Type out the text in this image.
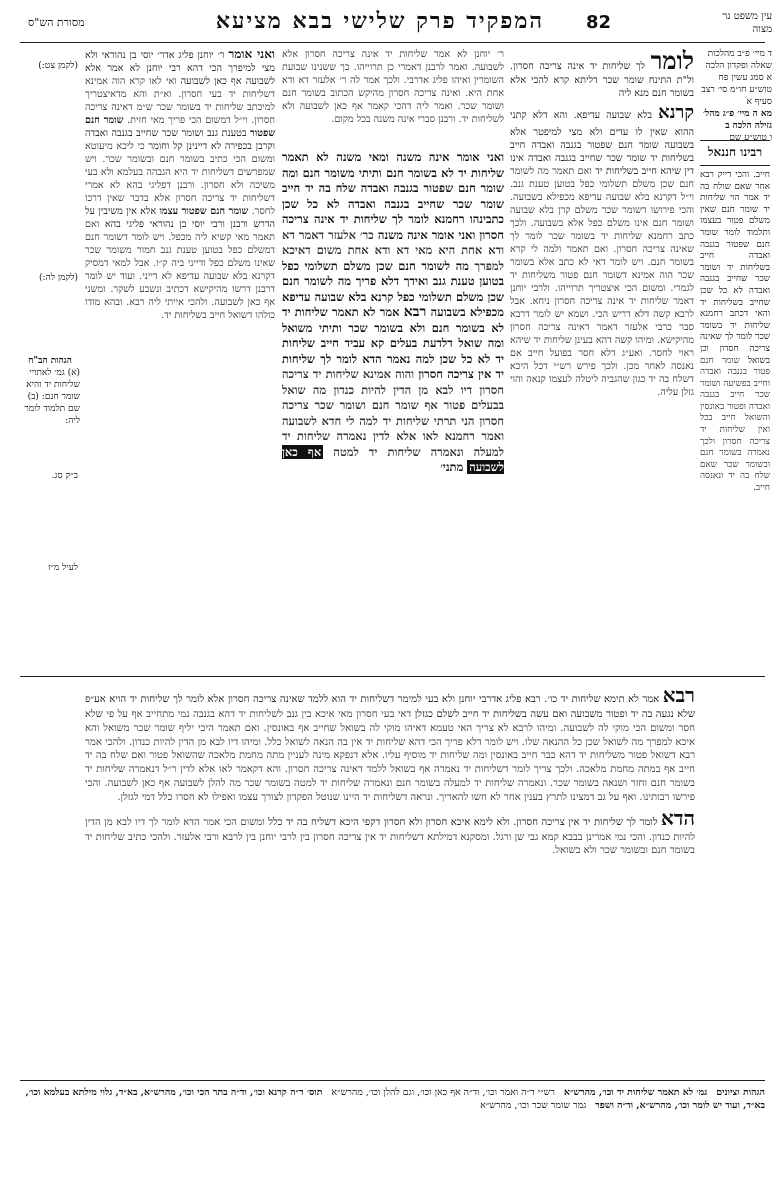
מסורת הש"ס	המפקיד פרק שלישי בבא מציעא	82	עין משפט נר מצוה
ד מיי׳ פ״ב מהלכות שאלה ופקדון הלכה א סמג עשין פח טוש״ע חו״מ סי׳ רצב סעיף א
מא ה מיי׳ פ״ג מהל׳ גזילה הלכה ב
ו טוש״ע שם
רבינו חננאל
חייב. והכי דייק רבא אחר שאם שולח בה יד אמר הוי שליחות יד שומר חנם שאין משלם פטור בעצמו ותלמוד לומר שומר חנם שפטור בגנבה ואבדה חייב בשליחות יד ושומר שכר שחייב בגנבה ואבדה לא כל שכן שחייב בשליחות יד והאי דכתב רחמנא שליחות יד בשומר שכר לומר לך שאינה צריכה חסרון וכן בשואל שומר חנם פטור בגנבה ואבדה וחייב בפשיעה ושומר שכר חייב בגנבה ואבדה ופטור באונסין והשואל חייב בכל ואין שליחות יד צריכה חסרון ולכך נאמרה בשומר חנם ובשומר שכר שאם שלח בה יד ונאנסה חייב.
לומר לך שליחות יד אינה צריכה חסרון. ול"ת התינח שומר שכר דליתא קרא להכי אלא בשומר חנם מנא ליה
קרנא בלא שבועה עדיפא. והא דלא קתני ההוא שאין לו עדים ולא מצי למיפטר אלא בשבועה שומר חנם שפטור בגנבה ואבדה חייב בשליחות יד שומר שכר שחייב בגנבה ואבדה אינו דין שיהא חייב בשליחות יד ואם תאמר מה לשומר חנם שכן משלם תשלומי כפל בטוען טענת גנב. וי״ל דקרנא בלא שבועה עדיפא מכפילא בשבועה. והכי פירושו דשומר שכר משלם קרן בלא שבועה ושומר חנם אינו משלם כפל אלא בשבועה. ולכך כתב רחמנא שליחות יד בשומר שכר לומר לך שאינה צריכה חסרון. ואם תאמר ולמה לי קרא בשומר חנם. ויש לומר דאי לא כתב אלא בשומר שכר הוה אמינא דשומר חנם פטור משליחות יד לגמרי. ומשום הכי איצטריך תרוייהו. ולרבי יוחנן דאמר שליחות יד אינה צריכה חסרון ניחא. אבל לרבא קשה דלא דריש הכי. ושמא יש לומר דרבא סבר כרבי אלעזר דאמר דאינה צריכה חסרון מהיקישא. ומיהו קשה דהא בעינן שליחות יד שיהא ראוי לחסר. ואע״ג דלא חסר בפועל חייב אם נאנסה לאחר מכן. ולכך פירש רש״י דכל היכא דשלח בה יד כגון שהגביה ליטלה לעצמו קנאה והוי גזלן עליה.
ואני אומר ר׳ יוחנן פליג אדר׳ יוסי בן נהוראי ולא מצי למיפרך הכי דהא רבי יוחנן לא אמר אלא לשבועה אף כאן לשבועה ואי לאו קרא הוה אמינא דשליחות יד בעי חסרון. וא״ת והא מדאיצטריך למיכתב שליחות יד בשומר שכר ש״מ דאינה צריכה חסרון. וי״ל דמשום הכי פריך מאי חזית. שומר חנם שפטור בטענת גנב ושומר שכר שחייב בגנבה ואבדה וקרבן בכפירה לא דיינינן קל וחומר כי ליכא מיעוטא ומשום הכי כתיב בשומר חנם ובשומר שכר. ויש שמפרשים דשליחות יד היא הגבהה בעלמא ולא בעי משיכה ולא חסרון. ורבנן דפליגי בהא לא אמרי דשליחות יד צריכה חסרון אלא בדבר שאין דרכו לחסר. שומר חנם שפטור עצמו אלא אין משיבין על הדרש ורבנן ורבי יוסי בן נהוראי פליגי בהא ואם תאמר מאי קשיא ליה מכפל. ויש לומר דשומר חנם דמשלם כפל בטוען טענת גנב חמור משומר שכר שאינו משלם כפל ודייני ביה ק״ו. אבל למאי דמסיק דקרנא בלא שבועה עדיפא לא דייני. ועוד יש לומר דרבנן דרשו מהיקישא דכתיב ונשבע לשקר. ומשני אף כאן לשבועה. ולהכי אייתי ליה רבא. ובהא מודו כולהו דשואל חייב בשליחות יד.
(לקמן צט:)
(לקמן לה:)
הגהות הב"ח
(א) גמ׳ לאתויי שליחות יד והיא שומר חנם: (ב) שם תלמוד לומר ליה:
ב״ק סג.
לעיל מ״ז
ואני אומר אינה משנה ומאי משנה לא תאמר שליחות יד לא בשומר חנם ותיתי משומר חנם ומה שומר חנם שפטור בגנבה ואבדה שלח בה יד חייב שומר שכר שחייב בגנבה ואבדה לא כל שכן כתבינהו רחמנא לומר לך שליחות יד אינה צריכה חסרון ואני אומר אינה משנה כר׳ אלעזר דאמר דא ודא אחת היא מאי דא ודא אחת משום דאיכא למפרך מה לשומר חנם שכן משלם תשלומי כפל בטוען טענת גנב ואידך דלא פריך מה לשומר חנם שכן משלם תשלומי כפל קרנא בלא שבועה עדיפא מכפילא בשבועה רבא אמר לא תאמר שליחות יד לא בשומר חנם ולא בשומר שכר ותיתי משואל ומה שואל דלדעת בעלים קא עביד חייב שליחות יד לא כל שכן למה נאמר הדא לומר לך שליחות יד אין צריכה חסרון והוה אמינא שליחות יד צריכה חסרון דיו לבא מן הדין להיות כנדון מה שואל בבעלים פטור אף שומר חנם ושומר שכר צריכה חסרון הני תרתי שליחות יד למה לי חדא לשבועה ואמר רחמנא לאו אלא לדין נאמרה שליחות יד למעלה ונאמרה שליחות יד למטה אף כאן לשבועה מתני׳
ר׳ יוחנן לא אמר שליחות יד אינה צריכה חסרון אלא לשבועה. ואמר לרבנן דאמרי כן תרוייהו. כך ששנינו שבועת השומרין ואיהו פליג אדרבי. ולכך אמר לה ר׳ אלעזר דא ודא אחת היא. ואינה צריכה חסרון מהיקש הכתוב בשומר חנם ושומר שכר. ואמר ליה דהכי קאמר אף כאן לשבועה ולא לשליחות יד. ורבנן סברי אינה משנה בכל מקום.
רבא אמר לא תימא שליחות יד כו׳. רבא פליג אדרבי יוחנן ולא בעי למימר דשליחות יד הוא ללמד שאינה צריכה חסרון אלא לומר לך שליחות יד הויא אע״פ שלא נגעה בה יד ופטור משבועה ואם עשה בשליחות יד חייב לשלם כגזלן דאי בעי חסרון מאי איכא בין גנב לשליחות יד דהא בגנבה נמי מתחייב אף על פי שלא חסר ומשום הכי מוקי לה לשבועה. ומיהו לרבא לא צריך האי טעמא דאיהו מוקי לה בשואל שחייב אף באונסין. ואם תאמר היכי יליף שומר שכר משואל והא איכא למפרך מה לשואל שכן כל ההנאה שלו. ויש לומר דלא פריך הכי דהא שליחות יד אין בה הנאה לשואל כלל. ומיהו דיו לבא מן הדין להיות כנדון. ולהכי אמר רבא דשואל פטור משליחות יד דהא כבר חייב באונסין ומה שליחות יד מוסיף עליו. אלא דנפקא מינה לעניין מתה מחמת מלאכה שהשואל פטור ואם שלח בה יד חייב אף במתה מחמת מלאכה. ולכך צריך לומר דשליחות יד נאמרה אף בשואל ללמד דאינה צריכה חסרון. והא דקאמר לאו אלא לדין ר״ל דנאמרה שליחות יד בשומר חנם וחזר ושנאה בשומר שכר. ונאמרה שליחות יד למעלה בשומר חנם ונאמרה שליחות יד למטה בשומר שכר מה להלן לשבועה אף כאן לשבועה. והכי פירשו רבותינו. ואף על גב דמצינו לתרץ בענין אחר לא חשו להאריך. ונראה דשליחות יד היינו שנוטל הפקדון לצורך עצמו ואפילו לא חסרו כלל דמי לגזלן.
הדא לומר לך שליחות יד אין צריכה חסרון. ולא לימא איכא חסרון ולא חסרון דקפי היכא דשליח בה יד כלל ומשום הכי אמר הדא לומר לך דיו לבא מן הדין להיות כנדון. והכי נמי אמרינן בבבא קמא גבי שן ורגל. ומסקנא דמילתא דשליחות יד אין צריכה חסרון בין לרבי יוחנן בין לרבא ורבי אלעזר. ולהכי כתיב שליחות יד בשומר חנם ובשומר שכר ולא בשואל.
הגהות וציונים   גמ׳ לא תאמר שליחות יד וכו׳, מהרש״א   רש״י ד״ה ואמר וכו׳, וד״ה אף כאן וכו׳, וגם להלן וכו׳, מהרש״א   תוס׳ ד״ה קרנא וכו׳, וד״ה בתר הכי וכו׳, מהרש״א, בא״ד, גלוי מילתא בעלמא וכו׳, בא״ד, ועוד יש לומר וכו׳, מהרש״א, וד״ה ושפר   גמר שומר שכר וכו׳, מהרש״א
